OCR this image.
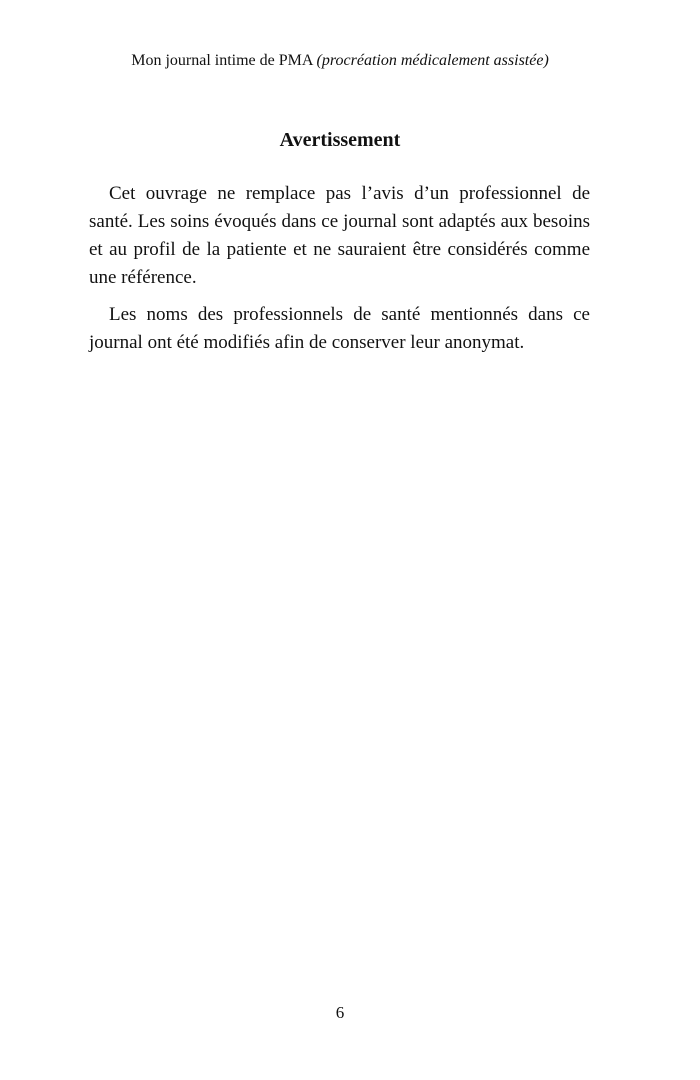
Mon journal intime de PMA (procréation médicalement assistée)
Avertissement

Cet ouvrage ne remplace pas l’avis d’un professionnel de santé. Les soins évoqués dans ce journal sont adaptés aux besoins et au profil de la patiente et ne sauraient être considérés comme une référence.

Les noms des professionnels de santé mentionnés dans ce journal ont été modifiés afin de conserver leur anonymat.

6
